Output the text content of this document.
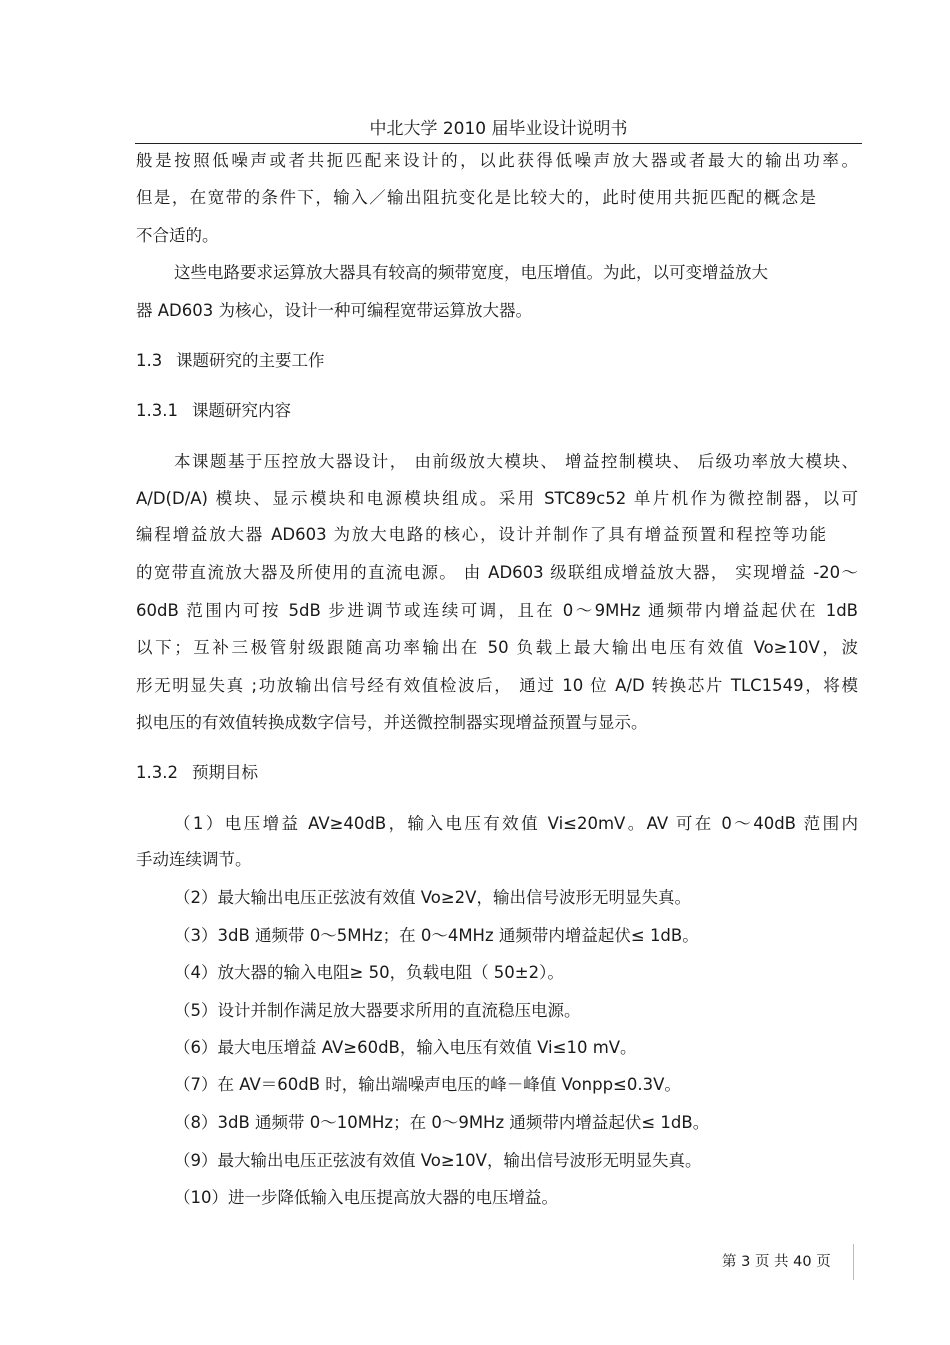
中北大学 2010 届毕业设计说明书
般是按照低噪声或者共扼匹配来设计的，以此获得低噪声放大器或者最大的输出功率。
但是，在宽带的条件下，输入／输出阻抗变化是比较大的，此时使用共扼匹配的概念是
不合适的。
这些电路要求运算放大器具有较高的频带宽度，电压增值。为此，以可变增益放大
器 AD603 为核心，设计一种可编程宽带运算放大器。
1.3 课题研究的主要工作
1.3.1 课题研究内容
本课题基于压控放大器设计， 由前级放大模块、 增益控制模块、 后级功率放大模块、
A/D(D/A) 模块、显示模块和电源模块组成。采用 STC89c52 单片机作为微控制器，以可
编程增益放大器 AD603 为放大电路的核心，设计并制作了具有增益预置和程控等功能
的宽带直流放大器及所使用的直流电源。 由 AD603 级联组成增益放大器， 实现增益 -20～
60dB 范围内可按 5dB 步进调节或连续可调，且在 0～9MHz 通频带内增益起伏在 1dB
以下；互补三极管射级跟随高功率输出在 50 负载上最大输出电压有效值 Vo≥10V，波
形无明显失真 ;功放输出信号经有效值检波后， 通过 10 位 A/D 转换芯片 TLC1549，将模
拟电压的有效值转换成数字信号，并送微控制器实现增益预置与显示。
1.3.2 预期目标
（1）电压增益 AV≥40dB，输入电压有效值 Vi≤20mV。AV 可在 0～40dB 范围内
手动连续调节。
（2）最大输出电压正弦波有效值 Vo≥2V，输出信号波形无明显失真。
（3）3dB 通频带 0～5MHz；在 0～4MHz 通频带内增益起伏≤ 1dB。
（4）放大器的输入电阻≥ 50，负载电阻（ 50±2）。
（5）设计并制作满足放大器要求所用的直流稳压电源。
（6）最大电压增益 AV≥60dB，输入电压有效值 Vi≤10 mV。
（7）在 AV＝60dB 时，输出端噪声电压的峰－峰值 Vonpp≤0.3V。
（8）3dB 通频带 0～10MHz；在 0～9MHz 通频带内增益起伏≤ 1dB。
（9）最大输出电压正弦波有效值 Vo≥10V，输出信号波形无明显失真。
（10）进一步降低输入电压提高放大器的电压增益。
第 3 页 共 40 页
